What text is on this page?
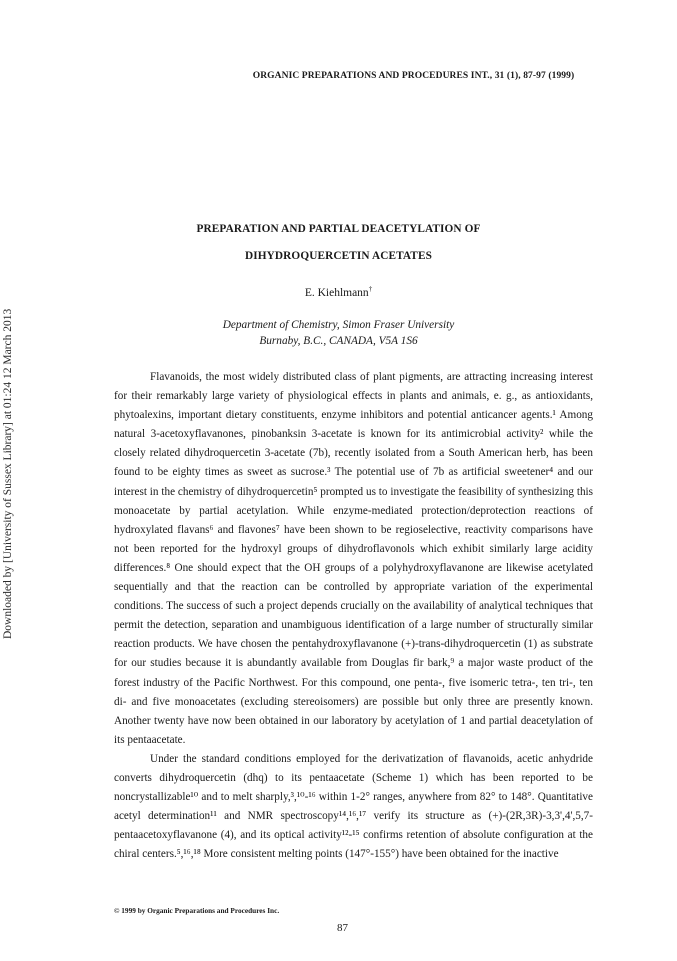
ORGANIC PREPARATIONS AND PROCEDURES INT., 31 (1), 87-97 (1999)
Downloaded by [University of Sussex Library] at 01:24 12 March 2013
PREPARATION AND PARTIAL DEACETYLATION OF
DIHYDROQUERCETIN ACETATES
E. Kiehlmann†
Department of Chemistry, Simon Fraser University
Burnaby, B.C., CANADA, V5A 1S6

Flavanoids, the most widely distributed class of plant pigments, are attracting increasing interest for their remarkably large variety of physiological effects in plants and animals, e. g., as antioxidants, phytoalexins, important dietary constituents, enzyme inhibitors and potential anticancer agents.¹ Among natural 3-acetoxyflavanones, pinobanksin 3-acetate is known for its antimicrobial activity² while the closely related dihydroquercetin 3-acetate (7b), recently isolated from a South American herb, has been found to be eighty times as sweet as sucrose.³ The potential use of 7b as artificial sweetener⁴ and our interest in the chemistry of dihydroquercetin⁵ prompted us to investigate the feasibility of synthesizing this monoacetate by partial acetylation. While enzyme-mediated protection/deprotection reactions of hydroxylated flavans⁶ and flavones⁷ have been shown to be regioselective, reactivity comparisons have not been reported for the hydroxyl groups of dihydroflavonols which exhibit similarly large acidity differences.⁸ One should expect that the OH groups of a polyhydroxyflavanone are likewise acetylated sequentially and that the reaction can be controlled by appropriate variation of the experimental conditions. The success of such a project depends crucially on the availability of analytical techniques that permit the detection, separation and unambiguous identification of a large number of structurally similar reaction products. We have chosen the pentahydroxyflavanone (+)-trans-dihydroquercetin (1) as substrate for our studies because it is abundantly available from Douglas fir bark,⁹ a major waste product of the forest industry of the Pacific Northwest. For this compound, one penta-, five isomeric tetra-, ten tri-, ten di- and five monoacetates (excluding stereoisomers) are possible but only three are presently known. Another twenty have now been obtained in our laboratory by acetylation of 1 and partial deacetylation of its pentaacetate.

Under the standard conditions employed for the derivatization of flavanoids, acetic anhydride converts dihydroquercetin (dhq) to its pentaacetate (Scheme 1) which has been reported to be noncrystallizable¹⁰ and to melt sharply,³,¹⁰-¹⁶ within 1-2° ranges, anywhere from 82° to 148°. Quantitative acetyl determination¹¹ and NMR spectroscopy¹⁴,¹⁶,¹⁷ verify its structure as (+)-(2R,3R)-3,3',4',5,7-pentaacetoxyflavanone (4), and its optical activity¹²-¹⁵ confirms retention of absolute configuration at the chiral centers.⁵,¹⁶,¹⁸ More consistent melting points (147°-155°) have been obtained for the inactive

© 1999 by Organic Preparations and Procedures Inc.
87
